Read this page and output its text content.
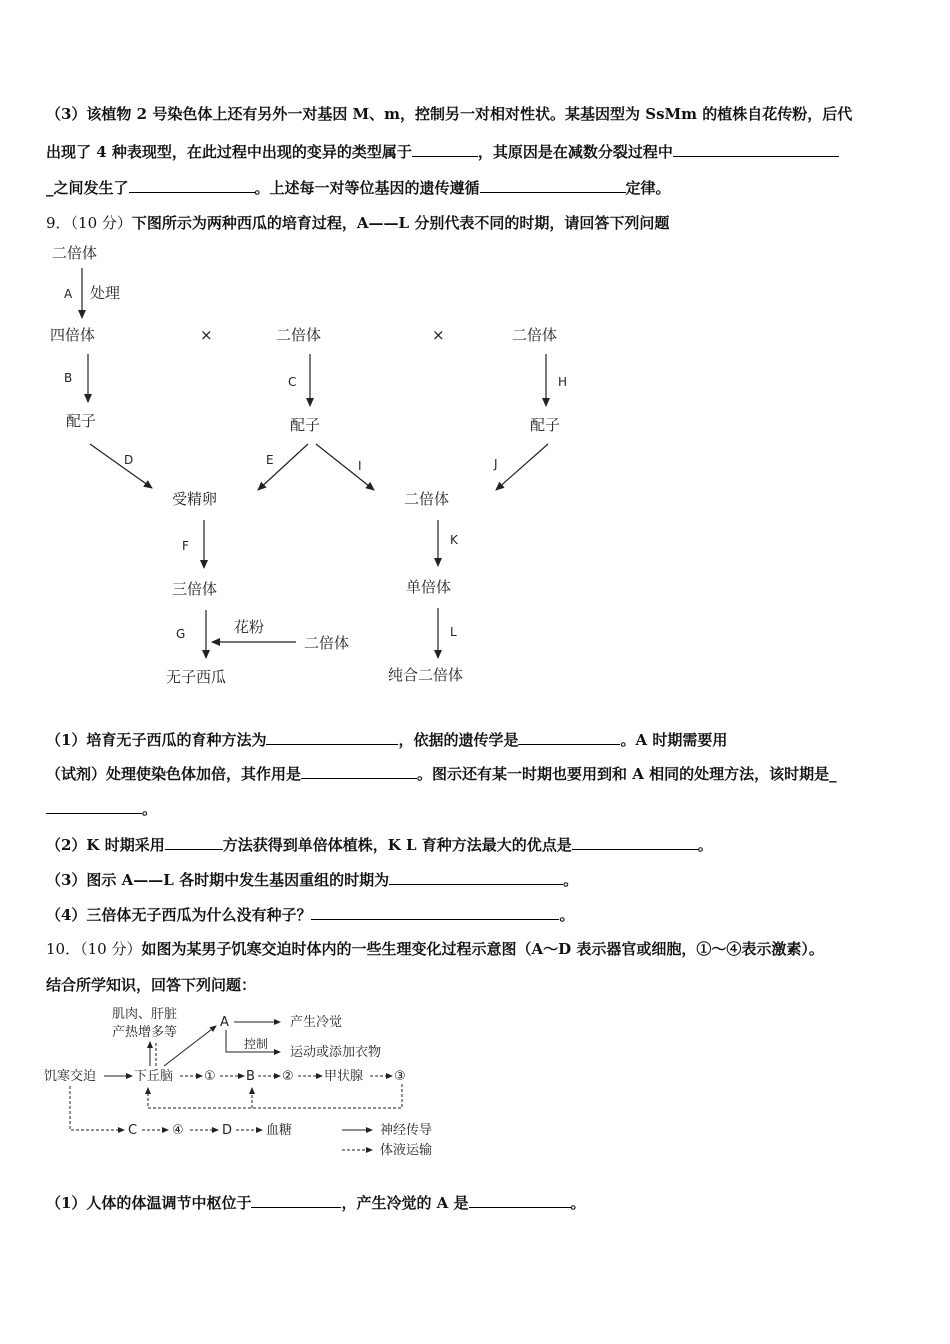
（3）该植物 2 号染色体上还有另外一对基因 M、m，控制另一对相对性状。某基因型为 SsMm 的植株自花传粉，后代
出现了 4 种表现型，在此过程中出现的变异的类型属于	，其原因是在减数分裂过程中
_之间发生了	。上述每一对等位基因的遗传遵循	定律。
9．（10 分）下图所示为两种西瓜的培育过程，A——L 分别代表不同的时期，请回答下列问题
二倍体
A 处理
四倍体	×	二倍体	×	二倍体
B	C	H
配子	配子	配子
D	E	I	J
受精卵	二倍体
F	K
三倍体	单倍体
G	花粉
二倍体
L
无子西瓜	纯合二倍体
（1）培育无子西瓜的育种方法为	，依据的遗传学是	。A 时期需要用
（试剂）处理使染色体加倍，其作用是	。图示还有某一时期也要用到和 A 相同的处理方法，该时期是_
。
（2）K 时期采用	方法获得到单倍体植株，K L 育种方法最大的优点是	。
（3）图示 A——L 各时期中发生基因重组的时期为	。
（4）三倍体无子西瓜为什么没有种子？	。
10．（10 分）如图为某男子饥寒交迫时体内的一些生理变化过程示意图（A～D 表示器官或细胞，①～④表示激素）。
结合所学知识，回答下列问题：
肌肉、肝脏
产热增多等
A	产生冷觉
控制
运动或添加衣物
饥寒交迫	下丘脑 ① B ② 甲状腺 ③
C	④	D	血糖	神经传导
体液运输
（1）人体的体温调节中枢位于	，产生冷觉的 A 是	。
